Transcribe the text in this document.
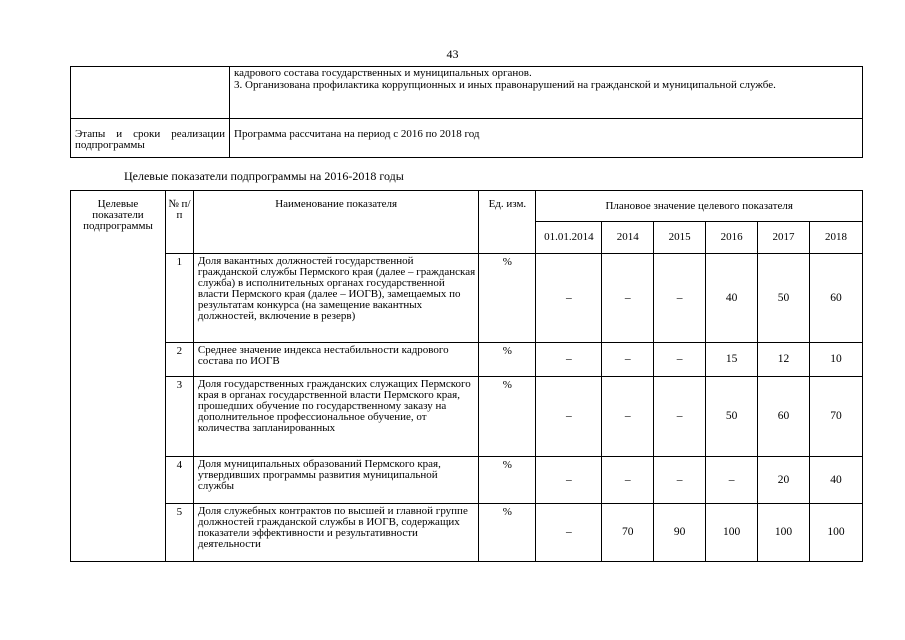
43

	кадрового состава государственных и муниципальных органов.
3. Организована профилактика коррупционных и иных правонарушений на гражданской и муниципальной службе.

Этапы и сроки реализации подпрограммы	Программа рассчитана на период с 2016 по 2018 год
Целевые показатели подпрограммы на 2016-2018 годы
Целевые показатели подпрограммы	№ п/п	Наименование показателя	Ед. изм.	Плановое значение целевого показателя					
				01.01.2014	2014	2015	2016	2017	2018
	1	Доля вакантных должностей государственной гражданской службы Пермского края (далее – гражданская служба) в исполнительных органах государственной власти Пермского края (далее – ИОГВ), замещаемых по результатам конкурса (на замещение вакантных должностей, включение в резерв)	%	–	–	–	40	50	60
	2	Среднее значение индекса нестабильности кадрового состава по ИОГВ	%	–	–	–	15	12	10
	3	Доля государственных гражданских служащих Пермского края в органах государственной власти Пермского края, прошедших обучение по государственному заказу на дополнительное профессиональное обучение, от количества запланированных	%	–	–	–	50	60	70
	4	Доля муниципальных образований Пермского края, утвердивших программы развития муниципальной службы	%	–	–	–	–	20	40
	5	Доля служебных контрактов по высшей и главной группе должностей гражданской службы в ИОГВ, содержащих показатели эффективности и результативности деятельности	%	–	70	90	100	100	100
